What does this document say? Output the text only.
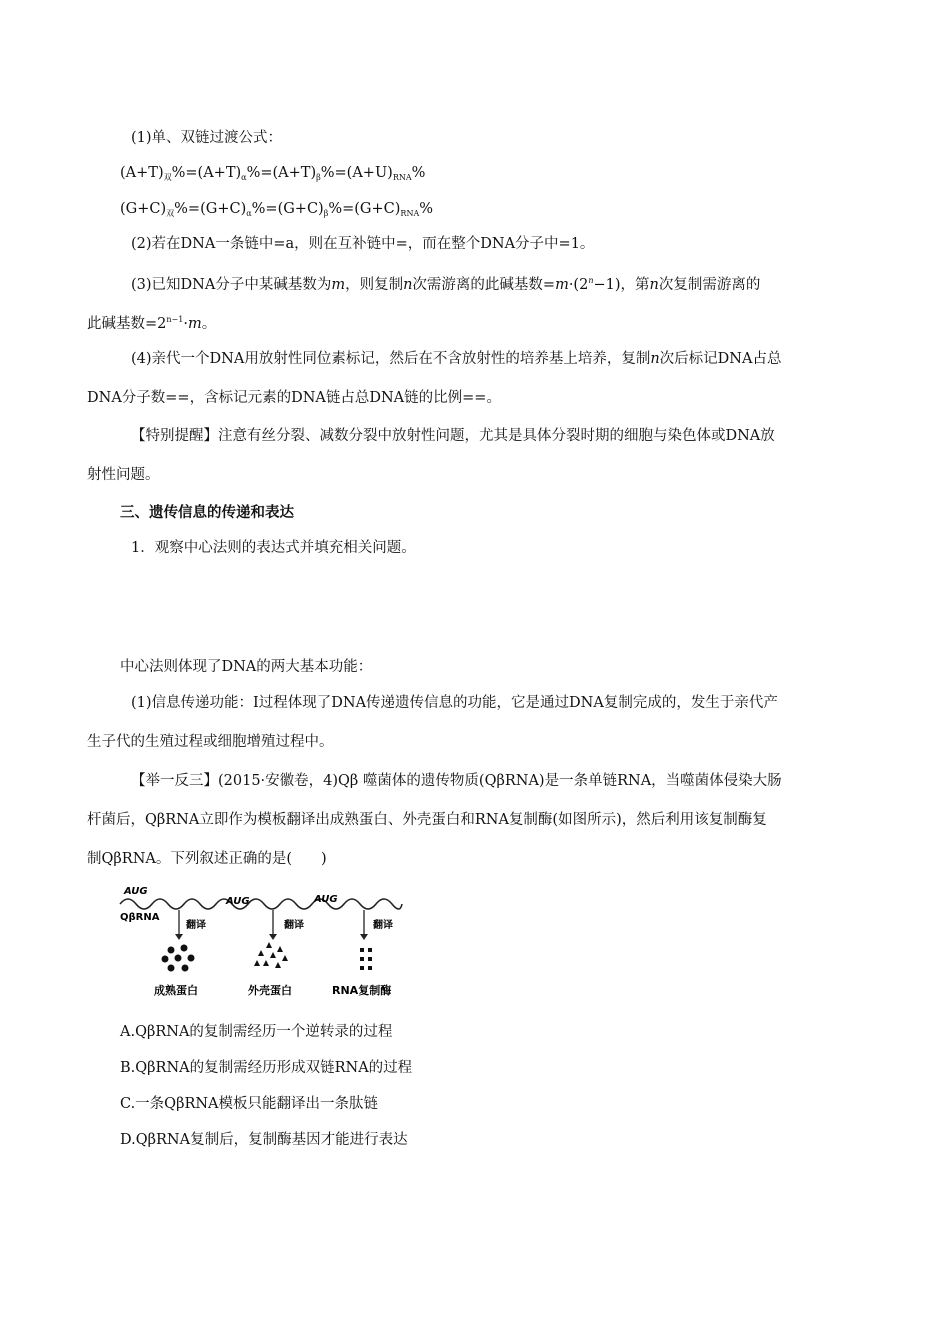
(1)单、双链过渡公式：
$(A+T)_双\%=(A+T)_\alpha\%=(A+T)_\beta\%=(A+U)_{RNA}\%$
$(G+C)_双\%=(G+C)_\alpha\%=(G+C)_\beta\%=(G+C)_{RNA}\%$
(2)若在DNA一条链中=a，则在互补链中=，而在整个DNA分子中=1。
(3)已知DNA分子中某碱基数为m，则复制n次需游离的此碱基数$=m\cdot(2^n-1)$，第n次复制需游离的
此碱基数$=2^{n-1}\cdot m$。
(4)亲代一个DNA用放射性同位素标记，然后在不含放射性的培养基上培养，复制n次后标记DNA占总
DNA分子数==，含标记元素的DNA链占总DNA链的比例==。
【特别提醒】注意有丝分裂、减数分裂中放射性问题，尤其是具体分裂时期的细胞与染色体或DNA放
射性问题。
三、遗传信息的传递和表达
1．观察中心法则的表达式并填充相关问题。
中心法则体现了DNA的两大基本功能：
(1)信息传递功能：Ⅰ过程体现了DNA传递遗传信息的功能，它是通过DNA复制完成的，发生于亲代产
生子代的生殖过程或细胞增殖过程中。
【举一反三】(2015·安徽卷，4)Qβ 噬菌体的遗传物质(QβRNA)是一条单链RNA，当噬菌体侵染大肠
杆菌后，QβRNA立即作为模板翻译出成熟蛋白、外壳蛋白和RNA复制酶(如图所示)，然后利用该复制酶复
制QβRNA。下列叙述正确的是(　　)
AUG
AUG	AUG
QβRNA
翻译	翻译	翻译
成熟蛋白	外壳蛋白	RNA复制酶
A.QβRNA的复制需经历一个逆转录的过程
B.QβRNA的复制需经历形成双链RNA的过程
C.一条QβRNA模板只能翻译出一条肽链
D.QβRNA复制后，复制酶基因才能进行表达
